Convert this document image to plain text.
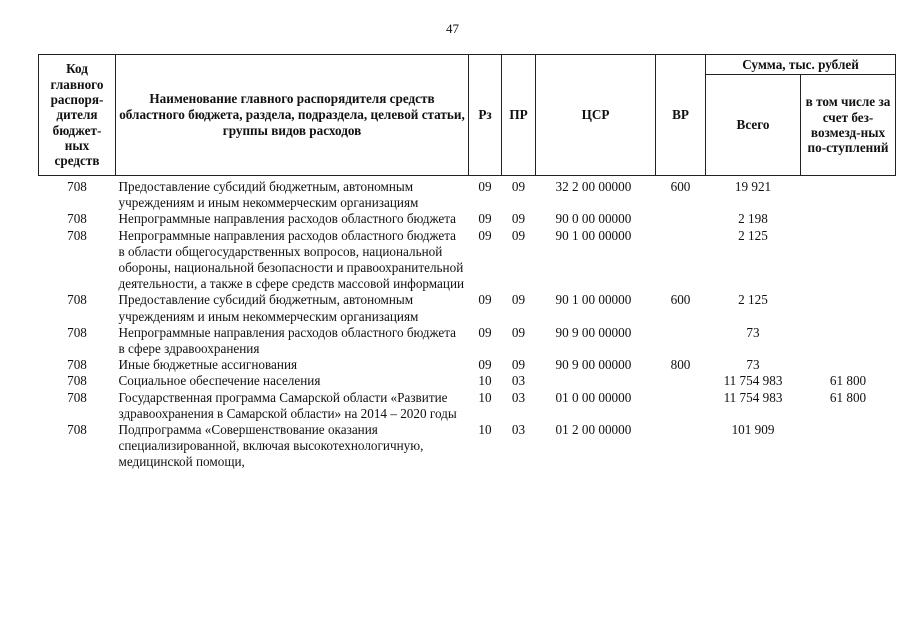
47
Код главного распоря-дителя бюджет-ных средств	Наименование главного распорядителя средств областного бюджета, раздела, подраздела, целевой статьи, группы видов расходов	Рз	ПР	ЦСР	ВР	Сумма, тыс. рублей	
						Всего	в том числе за счет без-возмезд-ных по-ступлений
708	Предоставление субсидий бюджетным, автономным учреждениям и иным некоммерческим организациям	09	09	32 2 00 00000	600	19 921	
708	Непрограммные направления расходов областного бюджета	09	09	90 0 00 00000		2 198	
708	Непрограммные направления расходов областного бюджета в области общегосударственных вопросов, национальной обороны, национальной безопасности и правоохранительной деятельности, а также в сфере средств массовой информации	09	09	90 1 00 00000		2 125	
708	Предоставление субсидий бюджетным, автономным учреждениям и иным некоммерческим организациям	09	09	90 1 00 00000	600	2 125	
708	Непрограммные направления расходов областного бюджета в сфере здравоохранения	09	09	90 9 00 00000		73	
708	Иные бюджетные ассигнования	09	09	90 9 00 00000	800	73	
708	Социальное обеспечение населения	10	03			11 754 983	61 800
708	Государственная программа Самарской области «Развитие здравоохранения в Самарской области» на 2014 – 2020 годы	10	03	01 0 00 00000		11 754 983	61 800
708	Подпрограмма «Совершенствование оказания специализированной, включая высокотехнологичную, медицинской помощи,	10	03	01 2 00 00000		101 909	
